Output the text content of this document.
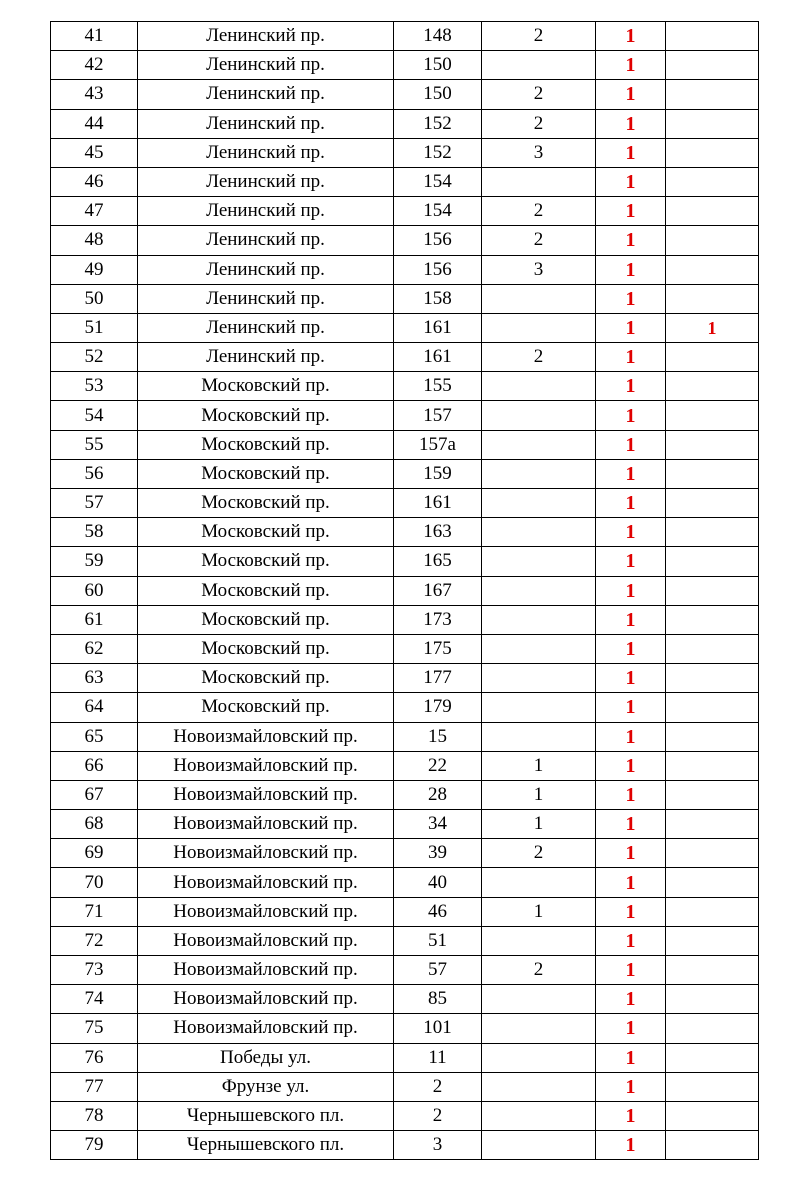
41	Ленинский пр.	148	2	1	
42	Ленинский пр.	150		1	
43	Ленинский пр.	150	2	1	
44	Ленинский пр.	152	2	1	
45	Ленинский пр.	152	3	1	
46	Ленинский пр.	154		1	
47	Ленинский пр.	154	2	1	
48	Ленинский пр.	156	2	1	
49	Ленинский пр.	156	3	1	
50	Ленинский пр.	158		1	
51	Ленинский пр.	161		1	1
52	Ленинский пр.	161	2	1	
53	Московский пр.	155		1	
54	Московский пр.	157		1	
55	Московский пр.	157а		1	
56	Московский пр.	159		1	
57	Московский пр.	161		1	
58	Московский пр.	163		1	
59	Московский пр.	165		1	
60	Московский пр.	167		1	
61	Московский пр.	173		1	
62	Московский пр.	175		1	
63	Московский пр.	177		1	
64	Московский пр.	179		1	
65	Новоизмайловский пр.	15		1	
66	Новоизмайловский пр.	22	1	1	
67	Новоизмайловский пр.	28	1	1	
68	Новоизмайловский пр.	34	1	1	
69	Новоизмайловский пр.	39	2	1	
70	Новоизмайловский пр.	40		1	
71	Новоизмайловский пр.	46	1	1	
72	Новоизмайловский пр.	51		1	
73	Новоизмайловский пр.	57	2	1	
74	Новоизмайловский пр.	85		1	
75	Новоизмайловский пр.	101		1	
76	Победы ул.	11		1	
77	Фрунзе ул.	2		1	
78	Чернышевского пл.	2		1	
79	Чернышевского пл.	3		1	
